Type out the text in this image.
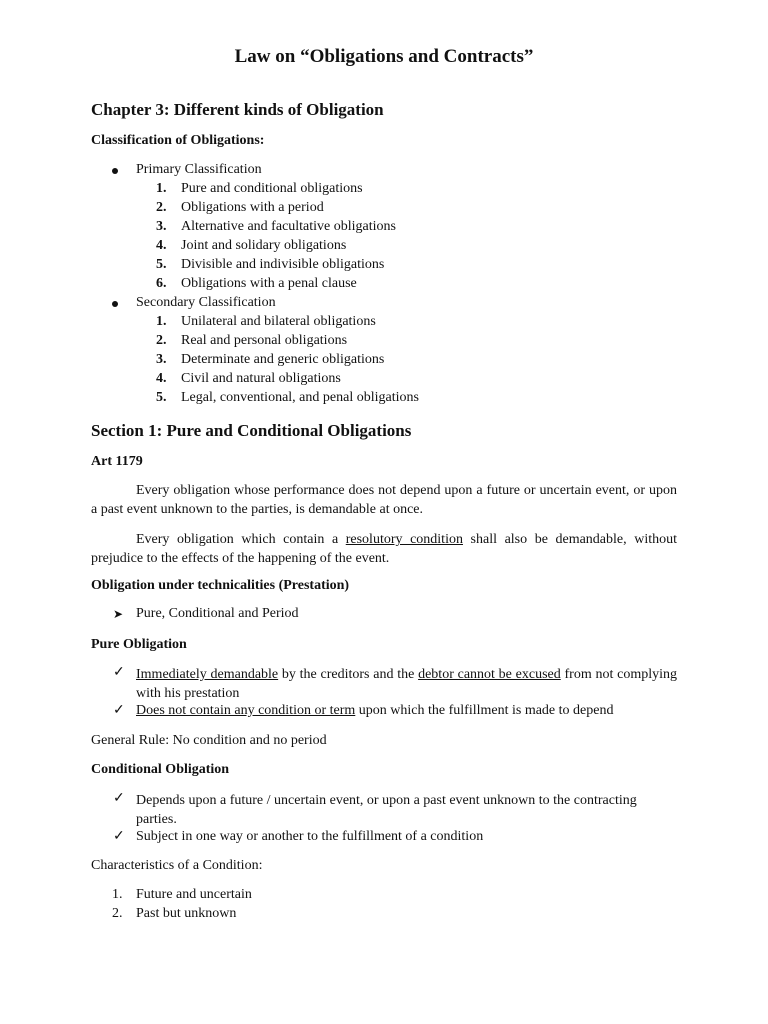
Law on “Obligations and Contracts”
Chapter 3: Different kinds of Obligation
Classification of Obligations:
Primary Classification
1.	Pure and conditional obligations
2.	Obligations with a period
3.	Alternative and facultative obligations
4.	Joint and solidary obligations
5.	Divisible and indivisible obligations
6.	Obligations with a penal clause
Secondary Classification
1.	Unilateral and bilateral obligations
2.	Real and personal obligations
3.	Determinate and generic obligations
4.	Civil and natural obligations
5.	Legal, conventional, and penal obligations
Section 1: Pure and Conditional Obligations
Art 1179
Every obligation whose performance does not depend upon a future or uncertain event, or upon a past event unknown to the parties, is demandable at once.
Every obligation which contain a resolutory condition shall also be demandable, without prejudice to the effects of the happening of the event.
Obligation under technicalities (Prestation)
➤ Pure, Conditional and Period
Pure Obligation
✓ Immediately demandable by the creditors and the debtor cannot be excused from not complying with his prestation
✓ Does not contain any condition or term upon which the fulfillment is made to depend
General Rule: No condition and no period
Conditional Obligation
✓ Depends upon a future / uncertain event, or upon a past event unknown to the contracting parties.
✓ Subject in one way or another to the fulfillment of a condition
Characteristics of a Condition:
1. Future and uncertain
2. Past but unknown
